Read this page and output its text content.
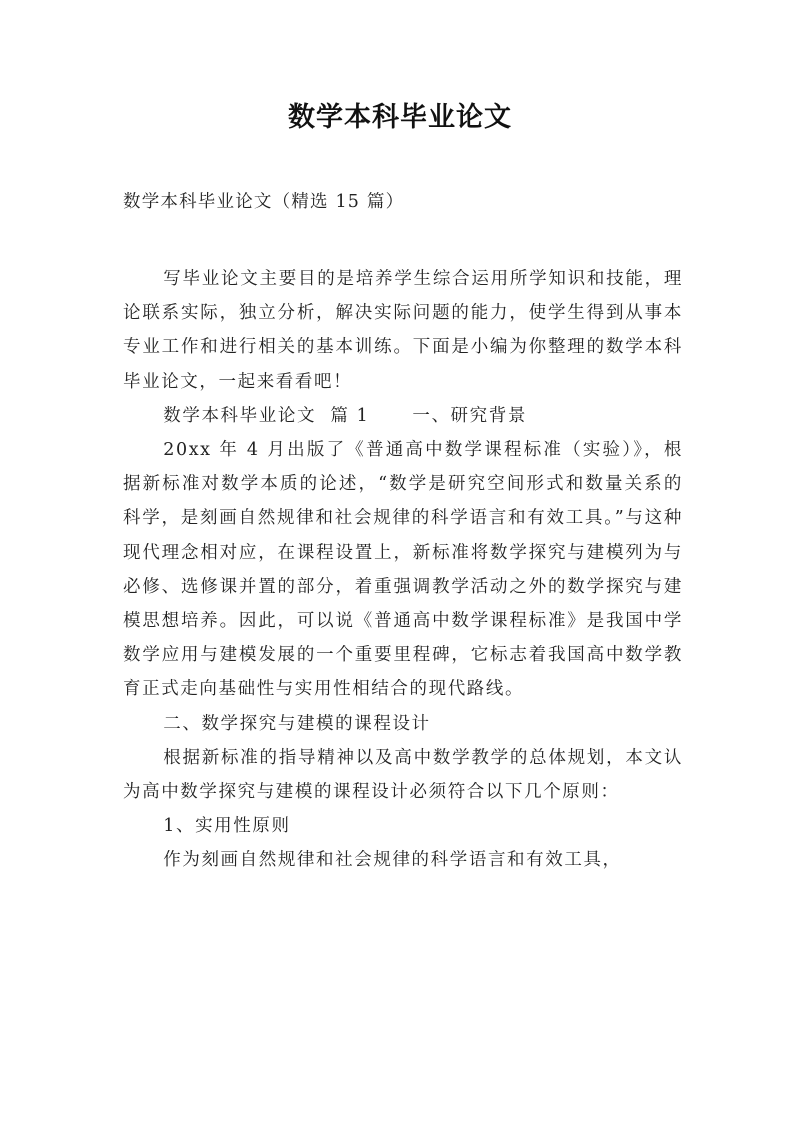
数学本科毕业论文
数学本科毕业论文（精选 15 篇）

写毕业论文主要目的是培养学生综合运用所学知识和技能，理论联系实际，独立分析，解决实际问题的能力，使学生得到从事本专业工作和进行相关的基本训练。下面是小编为你整理的数学本科毕业论文，一起来看看吧！

数学本科毕业论文  篇 1      一、研究背景

20xx 年 4 月出版了《普通高中数学课程标准（实验）》，根据新标准对数学本质的论述，“数学是研究空间形式和数量关系的科学，是刻画自然规律和社会规律的科学语言和有效工具。”与这种现代理念相对应，在课程设置上，新标准将数学探究与建模列为与必修、选修课并置的部分，着重强调教学活动之外的数学探究与建模思想培养。因此，可以说《普通高中数学课程标准》是我国中学数学应用与建模发展的一个重要里程碑，它标志着我国高中数学教育正式走向基础性与实用性相结合的现代路线。

二、数学探究与建模的课程设计

根据新标准的指导精神以及高中数学教学的总体规划，本文认为高中数学探究与建模的课程设计必须符合以下几个原则：

1、实用性原则

作为刻画自然规律和社会规律的科学语言和有效工具，
